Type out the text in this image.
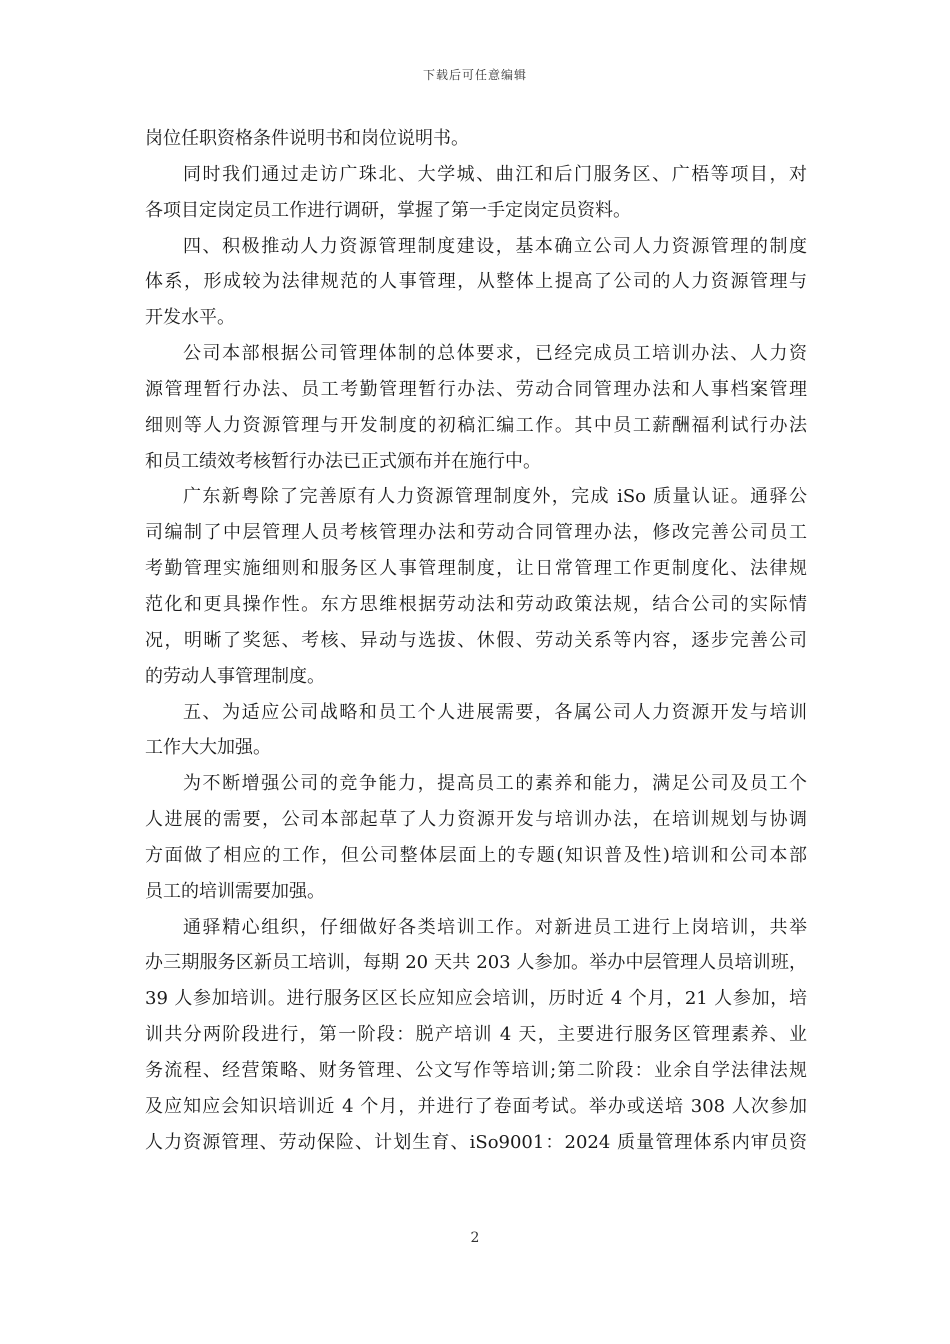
下载后可任意编辑
岗位任职资格条件说明书和岗位说明书。
同时我们通过走访广珠北、大学城、曲江和后门服务区、广梧等项目，对
各项目定岗定员工作进行调研，掌握了第一手定岗定员资料。
四、积极推动人力资源管理制度建设，基本确立公司人力资源管理的制度
体系，形成较为法律规范的人事管理，从整体上提高了公司的人力资源管理与
开发水平。
公司本部根据公司管理体制的总体要求，已经完成员工培训办法、人力资
源管理暂行办法、员工考勤管理暂行办法、劳动合同管理办法和人事档案管理
细则等人力资源管理与开发制度的初稿汇编工作。其中员工薪酬福利试行办法
和员工绩效考核暂行办法已正式颁布并在施行中。
广东新粤除了完善原有人力资源管理制度外，完成 iSo 质量认证。通驿公
司编制了中层管理人员考核管理办法和劳动合同管理办法，修改完善公司员工
考勤管理实施细则和服务区人事管理制度，让日常管理工作更制度化、法律规
范化和更具操作性。东方思维根据劳动法和劳动政策法规，结合公司的实际情
况，明晰了奖惩、考核、异动与选拔、休假、劳动关系等内容，逐步完善公司
的劳动人事管理制度。
五、为适应公司战略和员工个人进展需要，各属公司人力资源开发与培训
工作大大加强。
为不断增强公司的竞争能力，提高员工的素养和能力，满足公司及员工个
人进展的需要，公司本部起草了人力资源开发与培训办法，在培训规划与协调
方面做了相应的工作，但公司整体层面上的专题(知识普及性)培训和公司本部
员工的培训需要加强。
通驿精心组织，仔细做好各类培训工作。对新进员工进行上岗培训，共举
办三期服务区新员工培训，每期 20 天共 203 人参加。举办中层管理人员培训班，
39 人参加培训。进行服务区区长应知应会培训，历时近 4 个月，21 人参加，培
训共分两阶段进行，第一阶段：脱产培训 4 天，主要进行服务区管理素养、业
务流程、经营策略、财务管理、公文写作等培训;第二阶段：业余自学法律法规
及应知应会知识培训近 4 个月，并进行了卷面考试。举办或送培 308 人次参加
人力资源管理、劳动保险、计划生育、iSo9001：2024 质量管理体系内审员资
2
